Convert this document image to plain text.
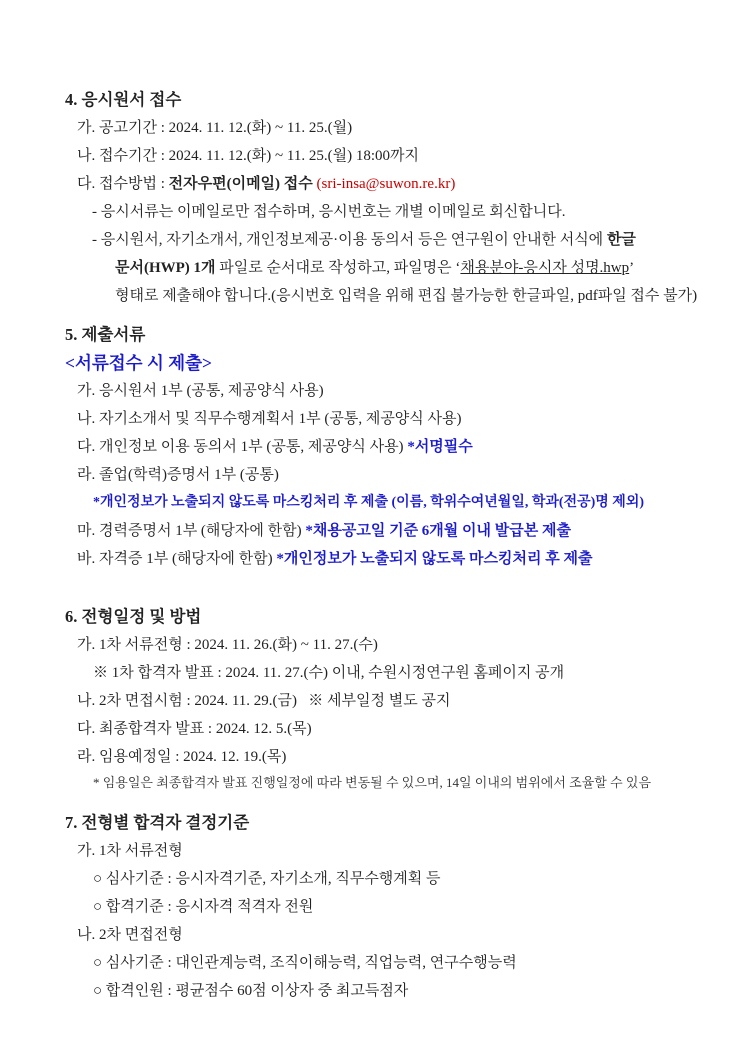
4. 응시원서 접수

가. 공고기간 : 2024. 11. 12.(화) ~ 11. 25.(월)

나. 접수기간 : 2024. 11. 12.(화) ~ 11. 25.(월) 18:00까지

다. 접수방법 : 전자우편(이메일) 접수 (sri-insa@suwon.re.kr)

- 응시서류는 이메일로만 접수하며, 응시번호는 개별 이메일로 회신합니다.

- 응시원서, 자기소개서, 개인정보제공·이용 동의서 등은 연구원이 안내한 서식에 한글

문서(HWP) 1개 파일로 순서대로 작성하고, 파일명은 ‘채용분야-응시자 성명.hwp’

형태로 제출해야 합니다.(응시번호 입력을 위해 편집 불가능한 한글파일, pdf파일 접수 불가)

5. 제출서류

<서류접수 시 제출>

가. 응시원서 1부 (공통, 제공양식 사용)

나. 자기소개서 및 직무수행계획서 1부 (공통, 제공양식 사용)

다. 개인정보 이용 동의서 1부 (공통, 제공양식 사용) *서명필수

라. 졸업(학력)증명서 1부 (공통)

*개인정보가 노출되지 않도록 마스킹처리 후 제출 (이름, 학위수여년월일, 학과(전공)명 제외)

마. 경력증명서 1부 (해당자에 한함) *채용공고일 기준 6개월 이내 발급본 제출

바. 자격증 1부 (해당자에 한함) *개인정보가 노출되지 않도록 마스킹처리 후 제출

6. 전형일정 및 방법

가. 1차 서류전형 : 2024. 11. 26.(화) ~ 11. 27.(수)

※ 1차 합격자 발표 : 2024. 11. 27.(수) 이내, 수원시정연구원 홈페이지 공개

나. 2차 면접시험 : 2024. 11. 29.(금)   ※ 세부일정 별도 공지

다. 최종합격자 발표 : 2024. 12. 5.(목)

라. 임용예정일 : 2024. 12. 19.(목)

* 임용일은 최종합격자 발표 진행일정에 따라 변동될 수 있으며, 14일 이내의 범위에서 조율할 수 있음

7. 전형별 합격자 결정기준

가. 1차 서류전형

○ 심사기준 : 응시자격기준, 자기소개, 직무수행계획 등

○ 합격기준 : 응시자격 적격자 전원

나. 2차 면접전형

○ 심사기준 : 대인관계능력, 조직이해능력, 직업능력, 연구수행능력

○ 합격인원 : 평균점수 60점 이상자 중 최고득점자
